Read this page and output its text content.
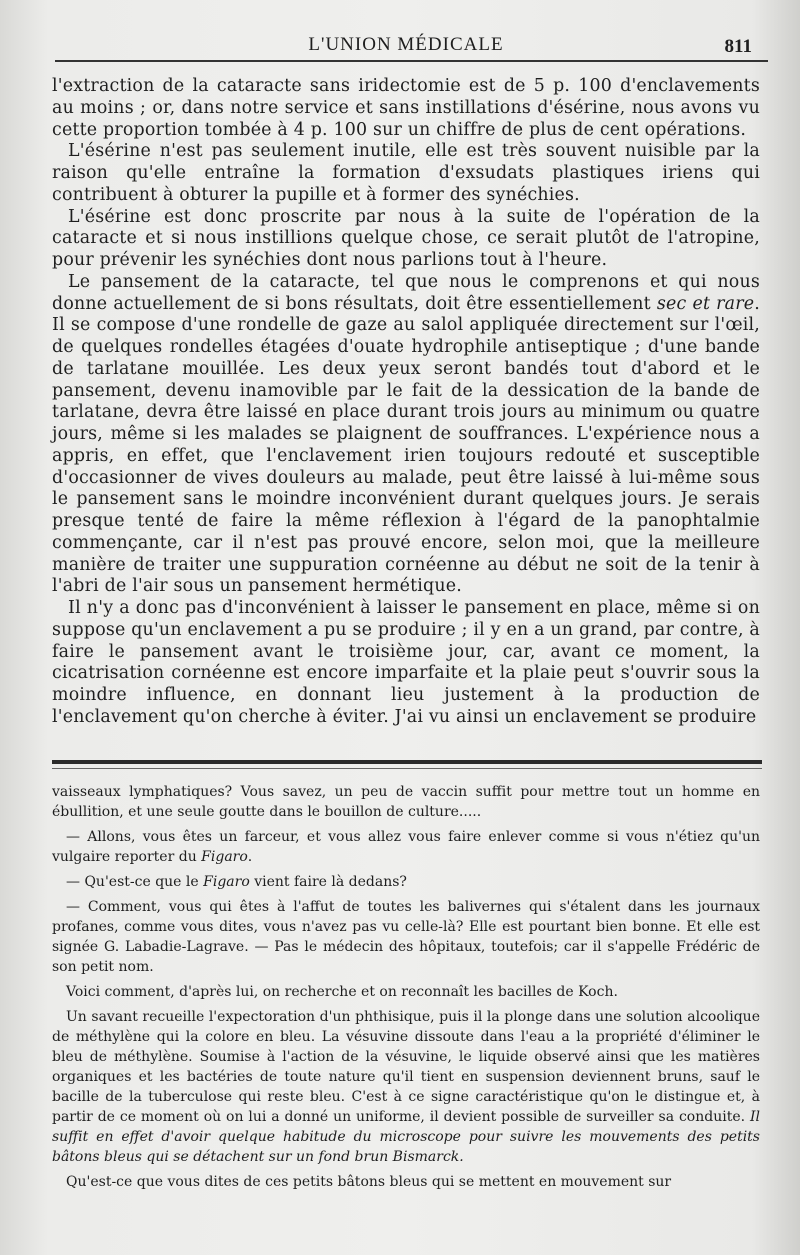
L'UNION MÉDICALE	811

l'extraction de la cataracte sans iridectomie est de 5 p. 100 d'enclavements au moins ; or, dans notre service et sans instillations d'ésérine, nous avons vu cette proportion tombée à 4 p. 100 sur un chiffre de plus de cent opérations.

L'ésérine n'est pas seulement inutile, elle est très souvent nuisible par la raison qu'elle entraîne la formation d'exsudats plastiques iriens qui contribuent à obturer la pupille et à former des synéchies.

L'ésérine est donc proscrite par nous à la suite de l'opération de la cataracte et si nous instillions quelque chose, ce serait plutôt de l'atropine, pour prévenir les synéchies dont nous parlions tout à l'heure.

Le pansement de la cataracte, tel que nous le comprenons et qui nous donne actuellement de si bons résultats, doit être essentiellement sec et rare. Il se compose d'une rondelle de gaze au salol appliquée directement sur l'œil, de quelques rondelles étagées d'ouate hydrophile antiseptique ; d'une bande de tarlatane mouillée. Les deux yeux seront bandés tout d'abord et le pansement, devenu inamovible par le fait de la dessication de la bande de tarlatane, devra être laissé en place durant trois jours au minimum ou quatre jours, même si les malades se plaignent de souffrances. L'expérience nous a appris, en effet, que l'enclavement irien toujours redouté et susceptible d'occasionner de vives douleurs au malade, peut être laissé à lui-même sous le pansement sans le moindre inconvénient durant quelques jours. Je serais presque tenté de faire la même réflexion à l'égard de la panophtalmie commençante, car il n'est pas prouvé encore, selon moi, que la meilleure manière de traiter une suppuration cornéenne au début ne soit de la tenir à l'abri de l'air sous un pansement hermétique.

Il n'y a donc pas d'inconvénient à laisser le pansement en place, même si on suppose qu'un enclavement a pu se produire ; il y en a un grand, par contre, à faire le pansement avant le troisième jour, car, avant ce moment, la cicatrisation cornéenne est encore imparfaite et la plaie peut s'ouvrir sous la moindre influence, en donnant lieu justement à la production de l'enclavement qu'on cherche à éviter. J'ai vu ainsi un enclavement se produire

vaisseaux lymphatiques? Vous savez, un peu de vaccin suffit pour mettre tout un homme en ébullition, et une seule goutte dans le bouillon de culture.....

— Allons, vous êtes un farceur, et vous allez vous faire enlever comme si vous n'étiez qu'un vulgaire reporter du Figaro.

— Qu'est-ce que le Figaro vient faire là dedans?

— Comment, vous qui êtes à l'affut de toutes les balivernes qui s'étalent dans les journaux profanes, comme vous dites, vous n'avez pas vu celle-là? Elle est pourtant bien bonne. Et elle est signée G. Labadie-Lagrave. — Pas le médecin des hôpitaux, toutefois; car il s'appelle Frédéric de son petit nom.

Voici comment, d'après lui, on recherche et on reconnaît les bacilles de Koch.

Un savant recueille l'expectoration d'un phthisique, puis il la plonge dans une solution alcoolique de méthylène qui la colore en bleu. La vésuvine dissoute dans l'eau a la propriété d'éliminer le bleu de méthylène. Soumise à l'action de la vésuvine, le liquide observé ainsi que les matières organiques et les bactéries de toute nature qu'il tient en suspension deviennent bruns, sauf le bacille de la tuberculose qui reste bleu. C'est à ce signe caractéristique qu'on le distingue et, à partir de ce moment où on lui a donné un uniforme, il devient possible de surveiller sa conduite. Il suffit en effet d'avoir quelque habitude du microscope pour suivre les mouvements des petits bâtons bleus qui se détachent sur un fond brun Bismarck.

Qu'est-ce que vous dites de ces petits bâtons bleus qui se mettent en mouvement sur
